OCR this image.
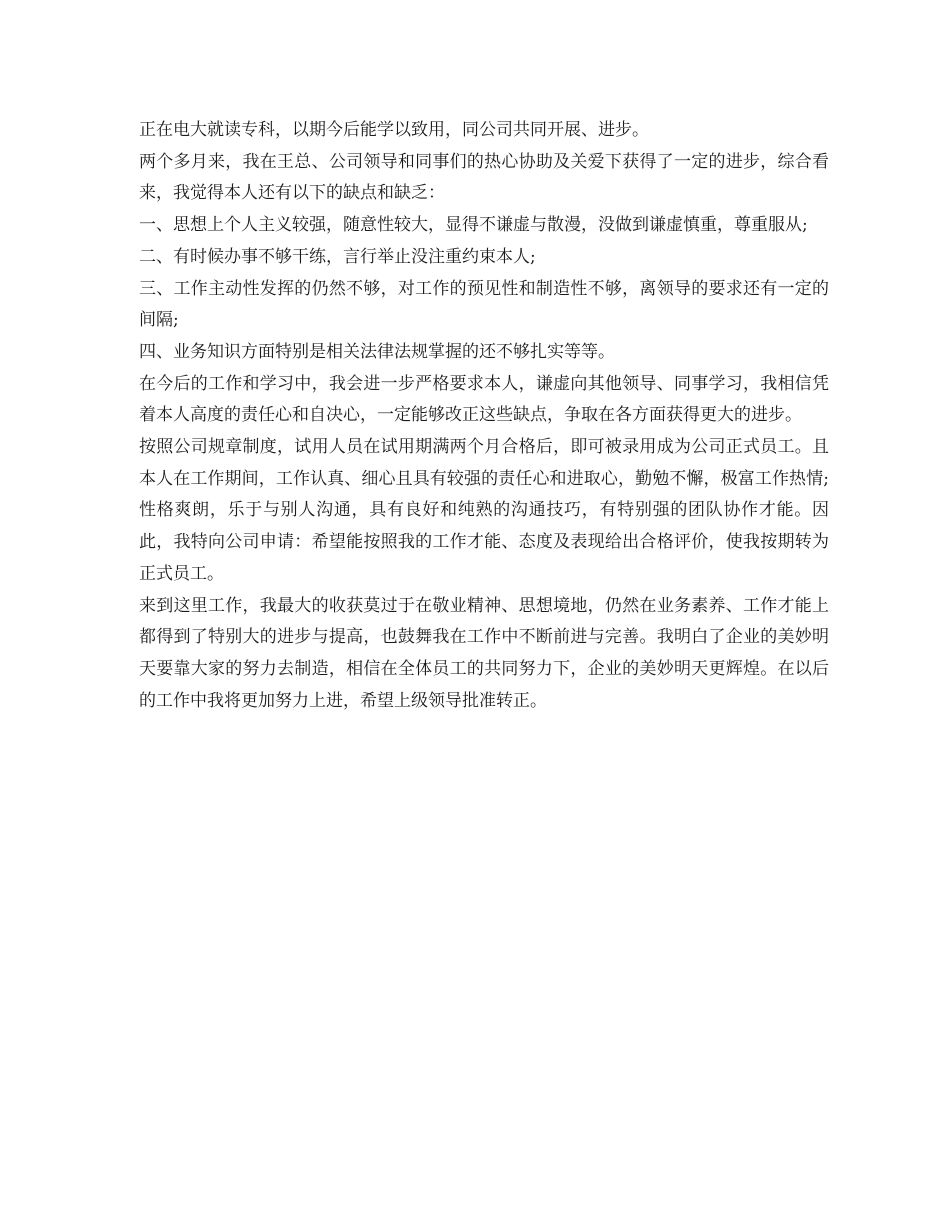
正在电大就读专科，以期今后能学以致用，同公司共同开展、进步。

两个多月来，我在王总、公司领导和同事们的热心协助及关爱下获得了一定的进步，综合看来，我觉得本人还有以下的缺点和缺乏：

一、思想上个人主义较强，随意性较大，显得不谦虚与散漫，没做到谦虚慎重，尊重服从;

二、有时候办事不够干练，言行举止没注重约束本人;

三、工作主动性发挥的仍然不够，对工作的预见性和制造性不够，离领导的要求还有一定的间隔;

四、业务知识方面特别是相关法律法规掌握的还不够扎实等等。

在今后的工作和学习中，我会进一步严格要求本人，谦虚向其他领导、同事学习，我相信凭着本人高度的责任心和自决心，一定能够改正这些缺点，争取在各方面获得更大的进步。

按照公司规章制度，试用人员在试用期满两个月合格后，即可被录用成为公司正式员工。且本人在工作期间，工作认真、细心且具有较强的责任心和进取心，勤勉不懈，极富工作热情;性格爽朗，乐于与别人沟通，具有良好和纯熟的沟通技巧，有特别强的团队协作才能。因此，我特向公司申请：希望能按照我的工作才能、态度及表现给出合格评价，使我按期转为正式员工。

来到这里工作，我最大的收获莫过于在敬业精神、思想境地，仍然在业务素养、工作才能上都得到了特别大的进步与提高，也鼓舞我在工作中不断前进与完善。我明白了企业的美妙明天要靠大家的努力去制造，相信在全体员工的共同努力下，企业的美妙明天更辉煌。在以后的工作中我将更加努力上进，希望上级领导批准转正。
